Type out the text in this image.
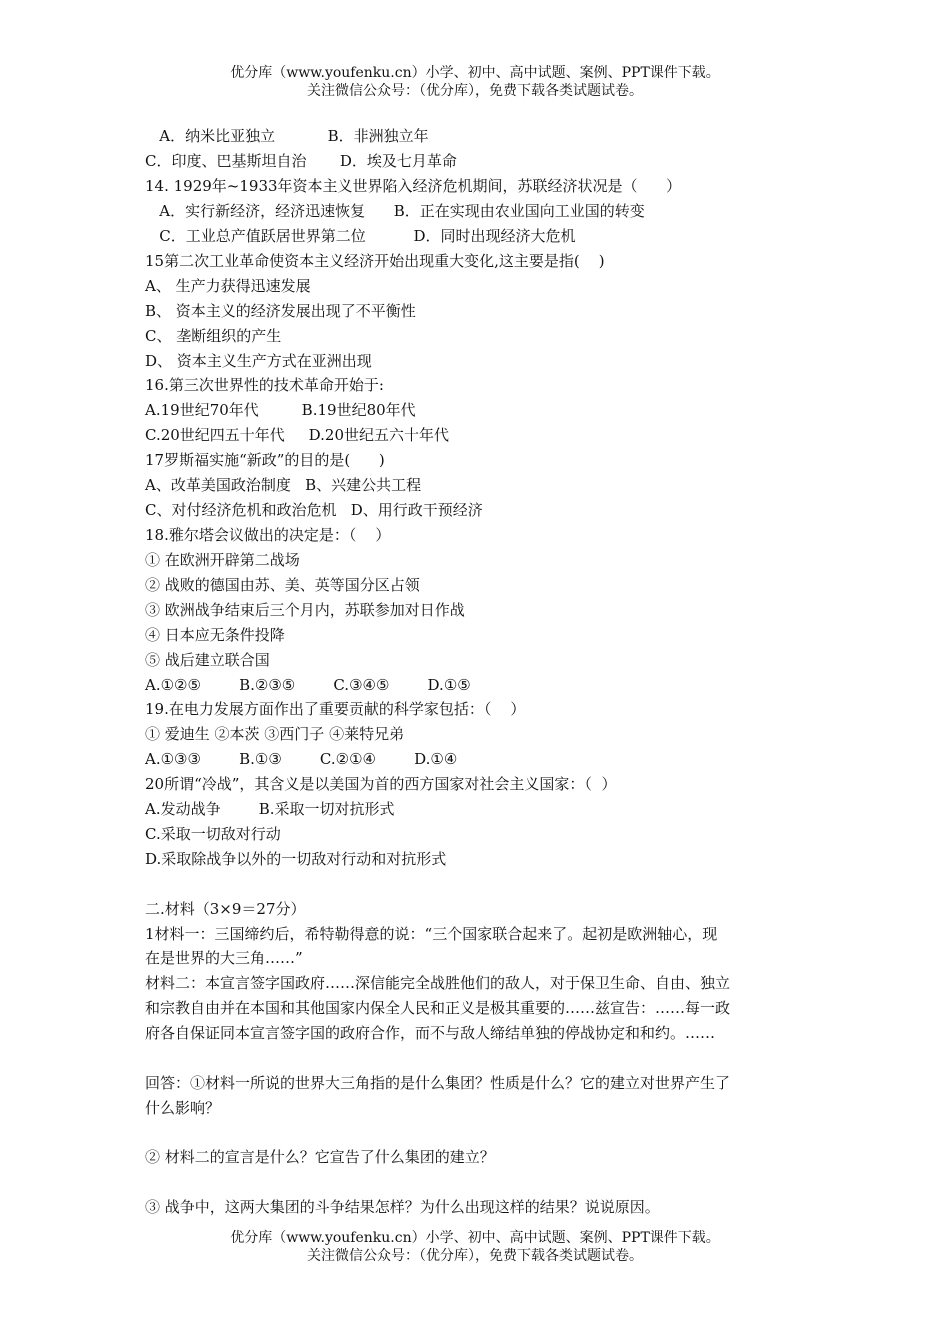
优分库（www.youfenku.cn）小学、初中、高中试题、案例、PPT课件下载。
关注微信公众号：（优分库），免费下载各类试题试卷。
A．纳米比亚独立           B．非洲独立年
C．印度、巴基斯坦自治       D．埃及七月革命
14. 1929年~1933年资本主义世界陷入经济危机期间，苏联经济状况是（      ）
A．实行新经济，经济迅速恢复      B．正在实现由农业国向工业国的转变
C．工业总产值跃居世界第二位          D．同时出现经济大危机
15第二次工业革命使资本主义经济开始出现重大变化,这主要是指(    )
A、 生产力获得迅速发展
B、 资本主义的经济发展出现了不平衡性
C、 垄断组织的产生
D、 资本主义生产方式在亚洲出现
16.第三次世界性的技术革命开始于:
A.19世纪70年代         B.19世纪80年代
C.20世纪四五十年代     D.20世纪五六十年代
17罗斯福实施“新政”的目的是(      )
A、改革美国政治制度   B、兴建公共工程
C、对付经济危机和政治危机   D、用行政干预经济
18.雅尔塔会议做出的决定是：（    ）
① 在欧洲开辟第二战场
② 战败的德国由苏、美、英等国分区占领
③ 欧洲战争结束后三个月内，苏联参加对日作战
④ 日本应无条件投降
⑤ 战后建立联合国
A.①②⑤        B.②③⑤        C.③④⑤        D.①⑤
19.在电力发展方面作出了重要贡献的科学家包括：（    ）
① 爱迪生 ②本茨 ③西门子 ④莱特兄弟
A.①③③        B.①③        C.②①④        D.①④
20所谓“冷战”，其含义是以美国为首的西方国家对社会主义国家：（  ）
A.发动战争        B.采取一切对抗形式
C.采取一切敌对行动
D.采取除战争以外的一切敌对行动和对抗形式
二.材料（3×9＝27分）
1材料一：三国缔约后，希特勒得意的说：“三个国家联合起来了。起初是欧洲轴心，现
在是世界的大三角……”
材料二：本宣言签字国政府……深信能完全战胜他们的敌人，对于保卫生命、自由、独立
和宗教自由并在本国和其他国家内保全人民和正义是极其重要的……兹宣告：……每一政
府各自保证同本宣言签字国的政府合作，而不与敌人缔结单独的停战协定和和约。……
回答：①材料一所说的世界大三角指的是什么集团？性质是什么？它的建立对世界产生了
什么影响？
② 材料二的宣言是什么？它宣告了什么集团的建立？
③ 战争中，这两大集团的斗争结果怎样？为什么出现这样的结果？说说原因。
优分库（www.youfenku.cn）小学、初中、高中试题、案例、PPT课件下载。
关注微信公众号：（优分库），免费下载各类试题试卷。
